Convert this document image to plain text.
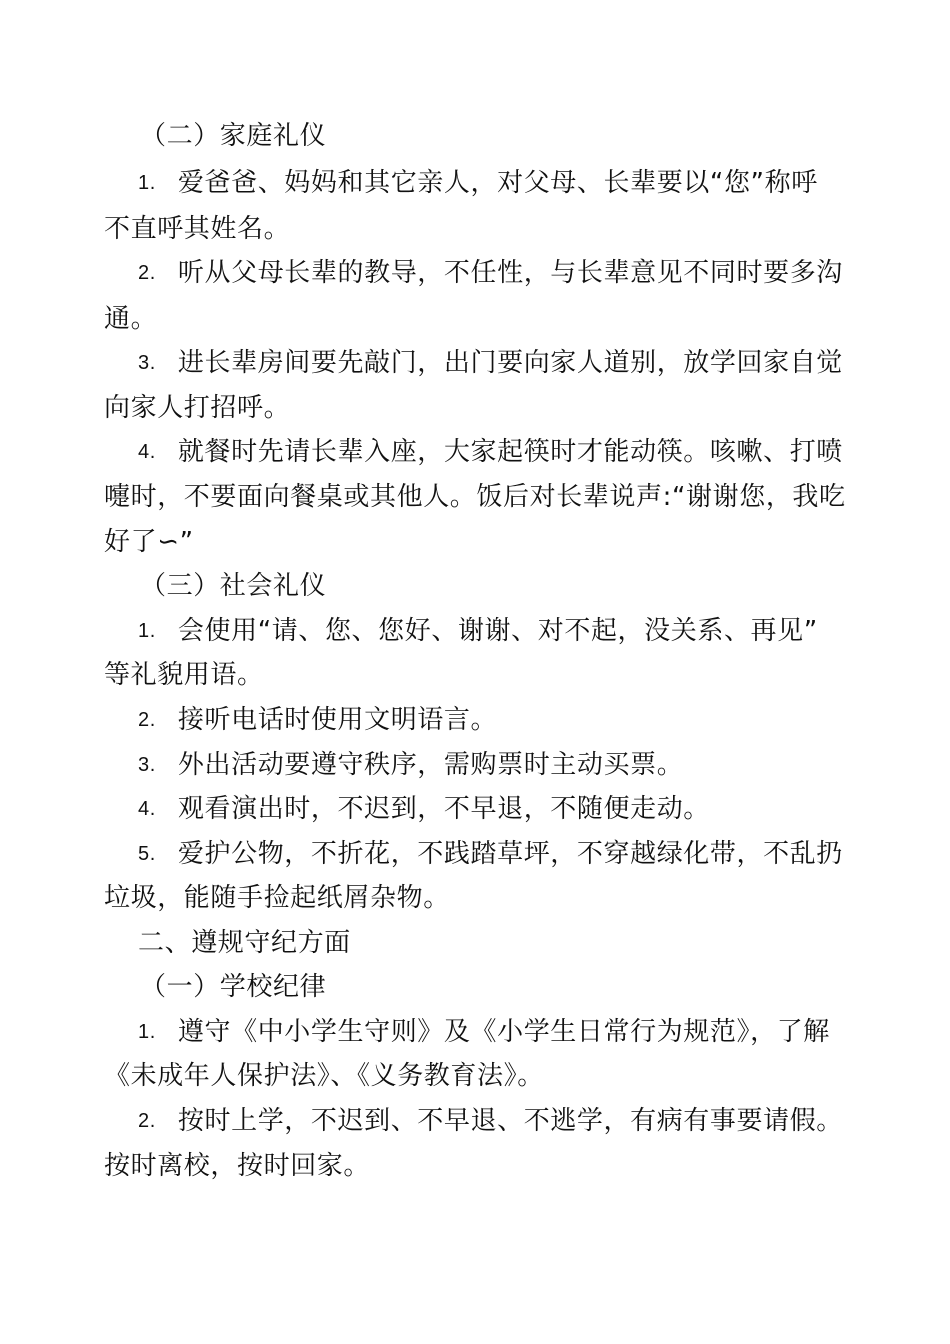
（二）家庭礼仪
1. 爱爸爸、妈妈和其它亲人，对父母、长辈要以“您”称呼
不直呼其姓名。
2. 听从父母长辈的教导，不任性，与长辈意见不同时要多沟
通。
3. 进长辈房间要先敲门，出门要向家人道别，放学回家自觉
向家人打招呼。
4. 就餐时先请长辈入座，大家起筷时才能动筷。咳嗽、打喷
嚏时，不要面向餐桌或其他人。饭后对长辈说声:“谢谢您，我吃
好了∽”
（三）社会礼仪
1. 会使用“请、您、您好、谢谢、对不起，没关系、再见”
等礼貌用语。
2. 接听电话时使用文明语言。
3. 外出活动要遵守秩序，需购票时主动买票。
4. 观看演出时，不迟到，不早退，不随便走动。
5. 爱护公物，不折花，不践踏草坪，不穿越绿化带，不乱扔
垃圾，能随手捡起纸屑杂物。
二、遵规守纪方面
（一）学校纪律
1. 遵守《中小学生守则》及《小学生日常行为规范》，了解
《未成年人保护法》、《义务教育法》。
2. 按时上学，不迟到、不早退、不逃学，有病有事要请假。
按时离校，按时回家。
